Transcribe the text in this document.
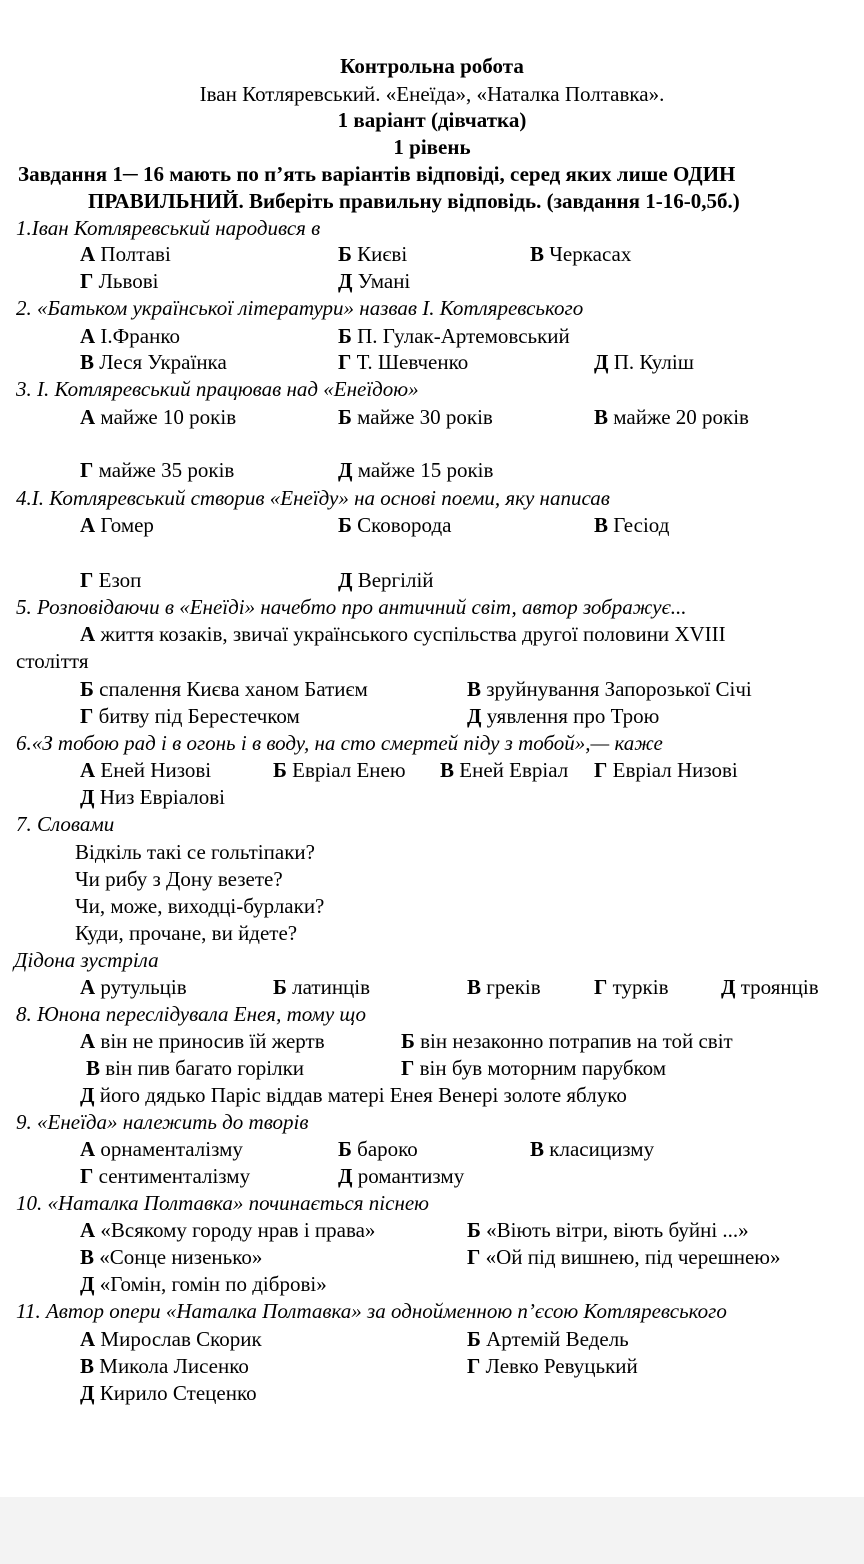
Контрольна робота
Іван Котляревський. «Енеїда», «Наталка Полтавка».
1 варіант (дівчатка)
1 рівень
Завдання 1─ 16 мають по п’ять варіантів відповіді, серед яких лише ОДИН
ПРАВИЛЬНИЙ. Виберіть правильну відповідь. (завдання 1-16-0,5б.)
1.Іван Котляревський народився в
А Полтаві	Б Києві	В Черкасах
Г Львові	Д Умані
2. «Батьком української літератури» назвав І. Котляревського
А І.Франко	Б П. Гулак-Артемовський
В Леся Українка	Г Т. Шевченко	Д П. Куліш
3. І. Котляревський працював над «Енеїдою»
А майже 10 років	Б майже 30 років	В майже 20 років
Г майже 35 років	Д майже 15 років
4.І. Котляревський створив «Енеїду» на основі поеми, яку написав
А Гомер	Б Сковорода	В Гесіод
Г Езоп	Д Вергілій
5. Розповідаючи в «Енеїді» начебто про античний світ, автор зображує...
А життя козаків, звичаї українського суспільства другої половини XVIII
століття
Б спалення Києва ханом Батиєм	В зруйнування Запорозької Січі
Г битву під Берестечком	Д уявлення про Трою
6.«З тобою рад і в огонь і в воду, на сто смертей піду з тобой»,— каже
А Еней Низові	Б Евріал Енею В Еней Евріал Г Евріал Низові
Д Низ Евріалові
7. Словами
Відкіль такі се гольтіпаки?
Чи рибу з Дону везете?
Чи, може, виходці-бурлаки?
Куди, прочане, ви йдете?
Дідона зустріла
А рутульців	Б латинців	В греків	Г турків	Д троянців
8. Юнона переслідувала Енея, тому що
А він не приносив їй жертв	Б він незаконно потрапив на той світ
В він пив багато горілки	Г він був моторним парубком
Д його дядько Паріс віддав матері Енея Венері золоте яблуко
9. «Енеїда» належить до творів
А орнаменталізму	Б бароко	В класицизму
Г сентименталізму	Д романтизму
10. «Наталка Полтавка» починається піснею
А «Всякому городу нрав і права»	Б «Віють вітри, віють буйні ...»
В «Сонце низенько»	Г «Ой під вишнею, під черешнею»
Д «Гомін, гомін по діброві»
11. Автор опери «Наталка Полтавка» за однойменною п’єсою Котляревського
А Мирослав Скорик	Б Артемій Ведель
В Микола Лисенко	Г Левко Ревуцький
Д Кирило Стеценко
